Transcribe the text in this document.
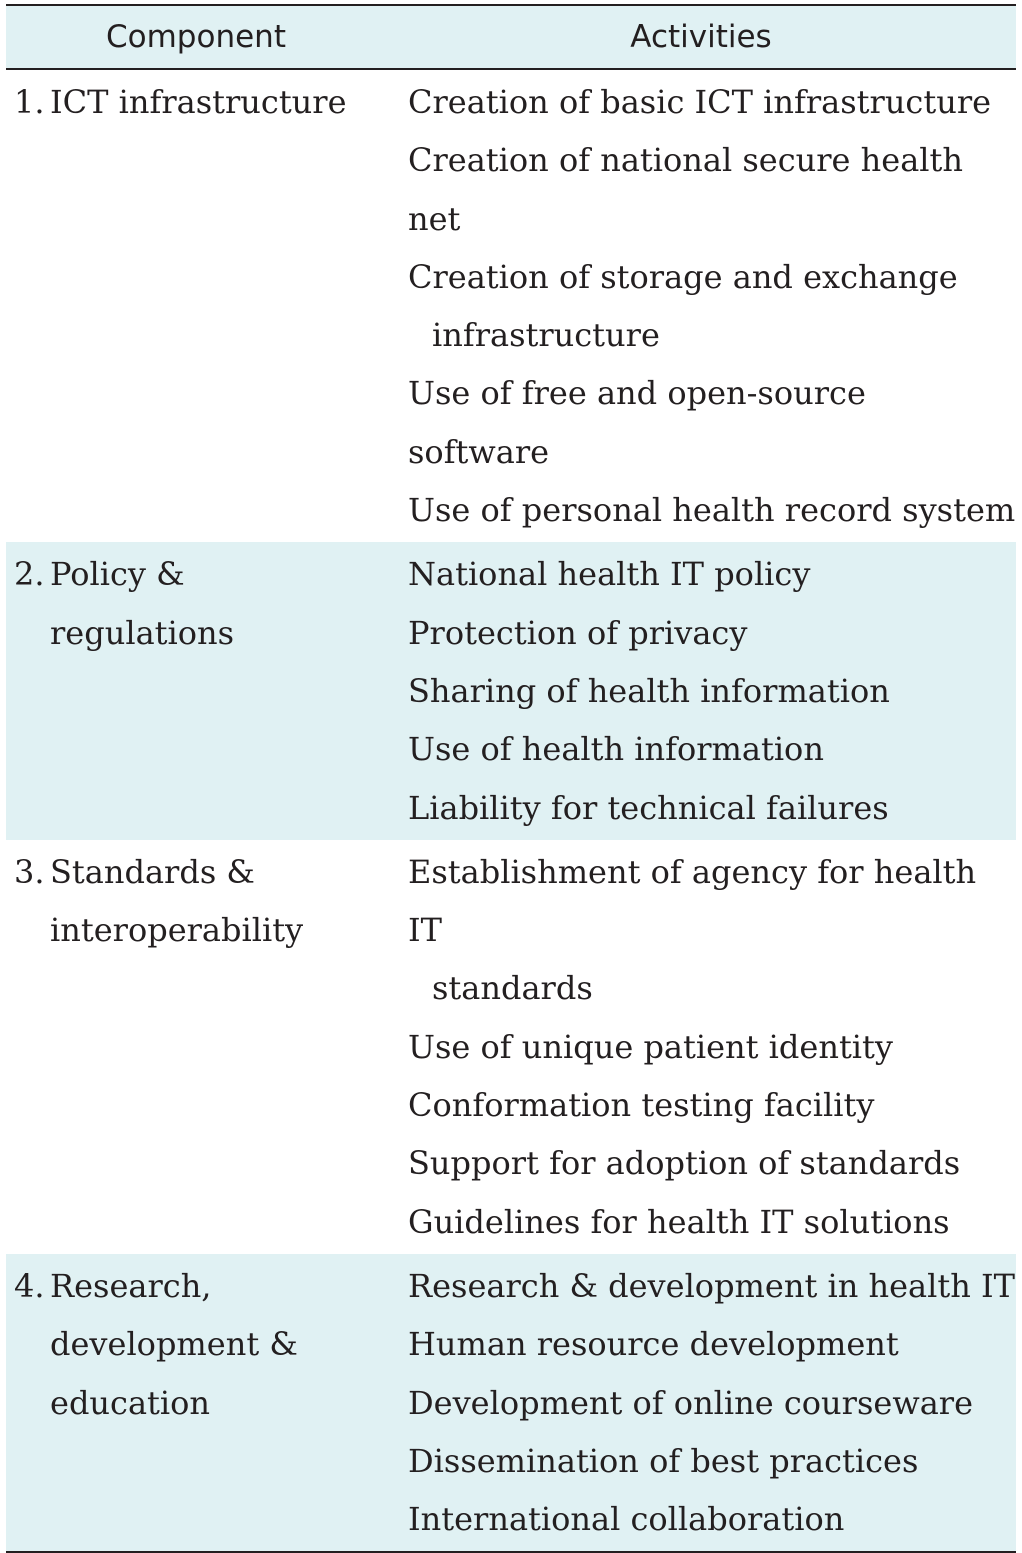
Component	Activities
1. ICT infrastructure Creation of basic ICT infrastructure
Creation of national secure health net
Creation of storage and exchange
infrastructure
Use of free and open-source software
Use of personal health record system
2. Policy &
regulations
National health IT policy
Protection of privacy
Sharing of health information
Use of health information
Liability for technical failures
3. Standards &
interoperability
Establishment of agency for health IT
standards
Use of unique patient identity
Conformation testing facility
Support for adoption of standards
Guidelines for health IT solutions
4. Research,
development &
education
Research & development in health IT
Human resource development
Development of online courseware
Dissemination of best practices
International collaboration
